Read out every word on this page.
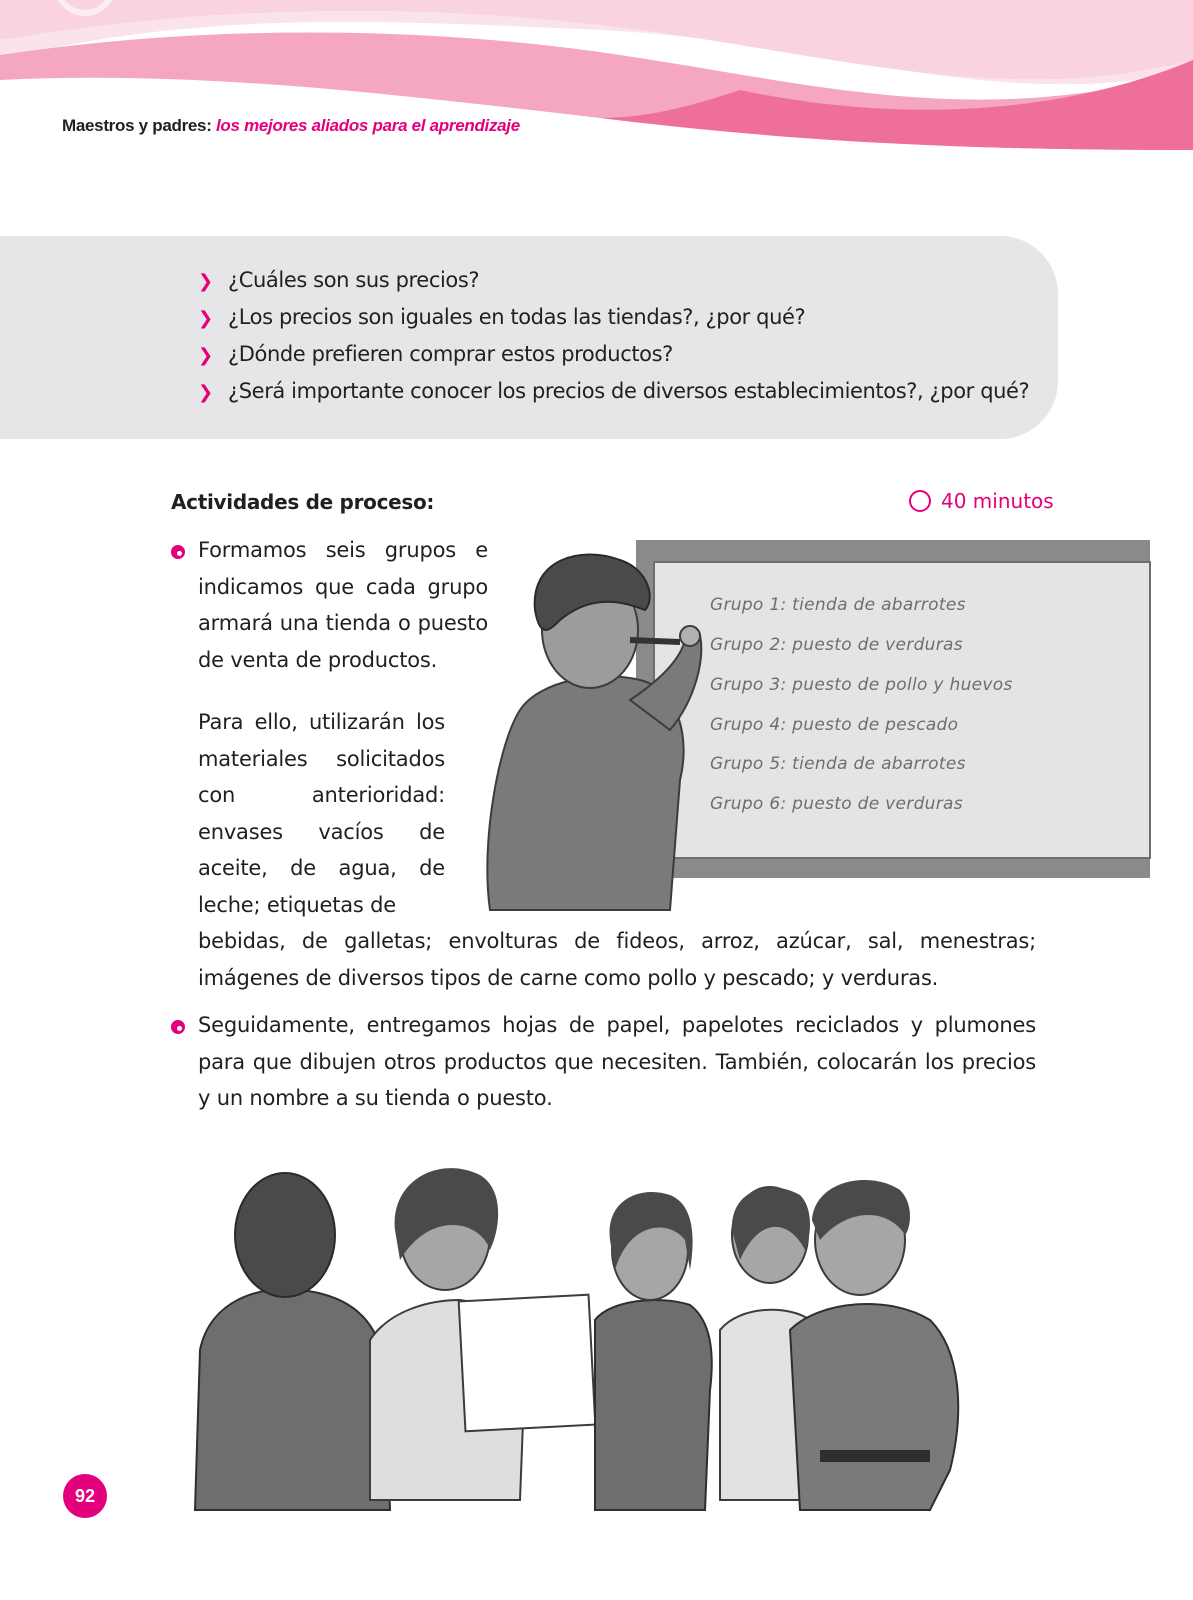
Maestros y padres: los mejores aliados para el aprendizaje
❯ ¿Cuáles son sus precios?
❯ ¿Los precios son iguales en todas las tiendas?, ¿por qué?
❯ ¿Dónde prefieren comprar estos productos?
❯ ¿Será importante conocer los precios de diversos establecimientos?, ¿por qué?
Actividades de proceso:	40 minutos
Formamos seis grupos e indicamos que cada grupo armará una tienda o puesto de venta de productos.
Para ello, utilizarán los materiales solicitados con anterioridad: envases vacíos de aceite, de agua, de leche; etiquetas de
bebidas, de galletas; envolturas de fideos, arroz, azúcar, sal, menestras; imágenes de diversos tipos de carne como pollo y pescado; y verduras.
Seguidamente, entregamos hojas de papel, papelotes reciclados y plumones para que dibujen otros productos que necesiten. También, colocarán los precios y un nombre a su tienda o puesto.
Grupo 1: tienda de abarrotes
Grupo 2: puesto de verduras
Grupo 3: puesto de pollo y huevos
Grupo 4: puesto de pescado
Grupo 5: tienda de abarrotes
Grupo 6: puesto de verduras
92
